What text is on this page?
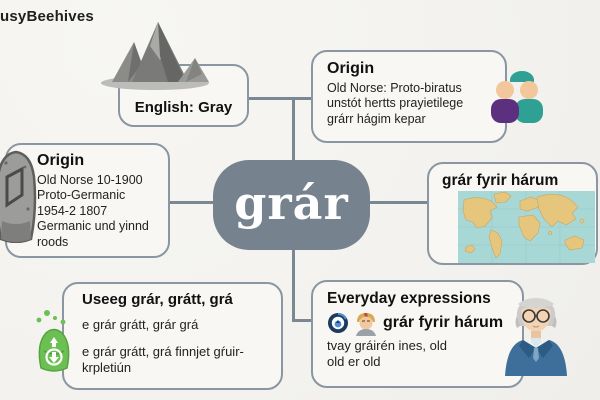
usyBeehives
English: Gray
Origin
Old Norse: Proto-biratus
unstót hertts prayietilege
grárr hágim kepar
Origin
Old Norse 10-1900
Proto-Germanic
1954-2 1807
Germanic und yinnd
roods
grár	grár fyrir hárum
Useeg grár, grátt, grá
e grár grátt, grár grá
e grár grátt, grá finnjet gŕuir-
krpletiún
Everyday expressions
grár fyrir hárum
tvay gráirén ines, old
old er old
